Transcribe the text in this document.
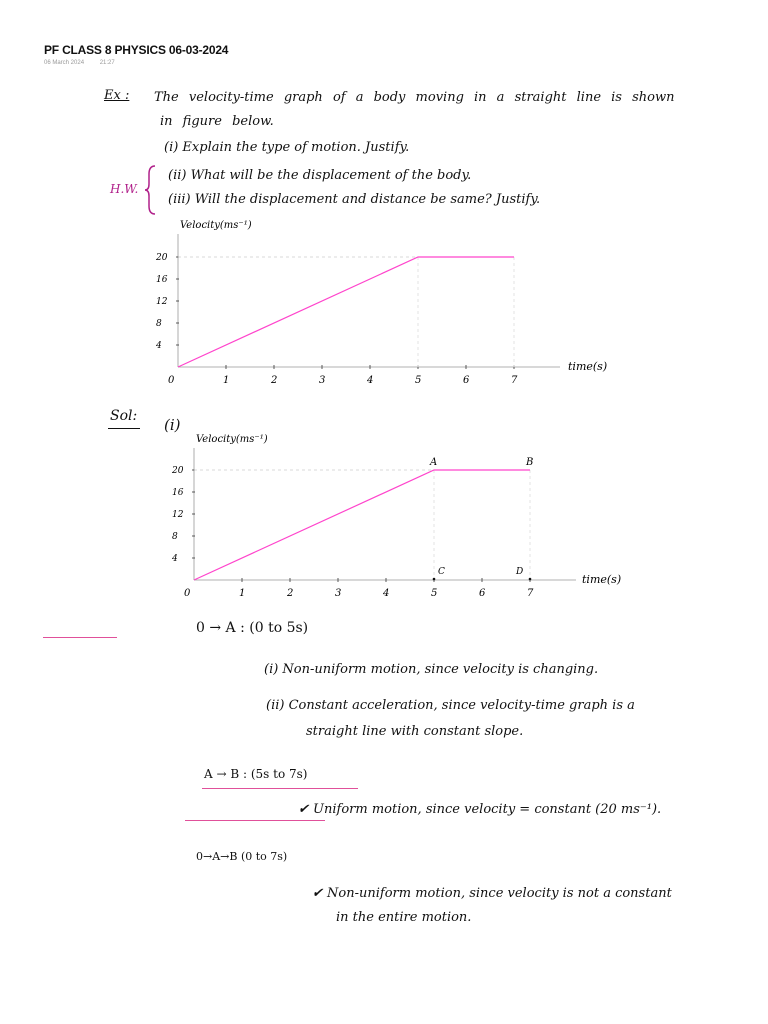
PF CLASS 8 PHYSICS 06-03-2024
06 March 2024	21:27
Ex : The velocity-time graph of a body moving in a straight line is shown
in figure below.
(i) Explain the type of motion. Justify.
H.W.
(ii) What will be the displacement of the body.
(iii) Will the displacement and distance be same? Justify.
Velocity(ms⁻¹)
time(s)
20
16
12
8
4
0	1	2	3	4	5	6	7
Sol: (i)
Velocity(ms⁻¹)
time(s)
20
16
12
8
4
0	1	2	3	4	5	6	7
A	B
C	D
0 → A : (0 to 5s)
(i) Non-uniform motion, since velocity is changing.
(ii) Constant acceleration, since velocity-time graph is a
straight line with constant slope.
A → B : (5s to 7s)
✔ Uniform motion, since velocity = constant (20 ms⁻¹).
0→A→B (0 to 7s)
✔ Non-uniform motion, since velocity is not a constant
in the entire motion.
